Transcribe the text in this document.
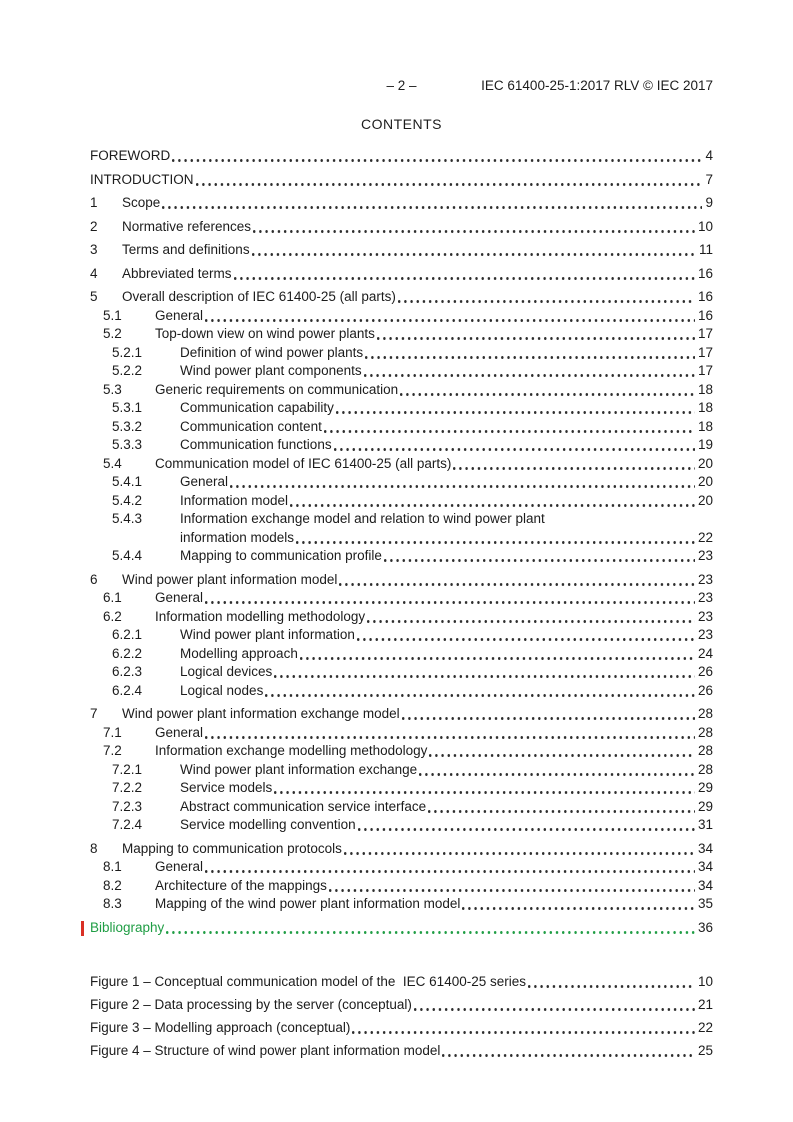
– 2 –	IEC 61400-25-1:2017 RLV © IEC 2017
CONTENTS
FOREWORD	4
INTRODUCTION	7
1	Scope	9
2	Normative references	10
3	Terms and definitions	11
4	Abbreviated terms	16
5	Overall description of IEC 61400-25 (all parts)	16
5.1	General	16
5.2	Top-down view on wind power plants	17
5.2.1	Definition of wind power plants	17
5.2.2	Wind power plant components	17
5.3	Generic requirements on communication	18
5.3.1	Communication capability	18
5.3.2	Communication content	18
5.3.3	Communication functions	19
5.4	Communication model of IEC 61400-25 (all parts)	20
5.4.1	General	20
5.4.2	Information model	20
5.4.3	Information exchange model and relation to wind power plant
information models	22
5.4.4	Mapping to communication profile	23
6	Wind power plant information model	23
6.1	General	23
6.2	Information modelling methodology	23
6.2.1	Wind power plant information	23
6.2.2	Modelling approach	24
6.2.3	Logical devices	26
6.2.4	Logical nodes	26
7	Wind power plant information exchange model	28
7.1	General	28
7.2	Information exchange modelling methodology	28
7.2.1	Wind power plant information exchange	28
7.2.2	Service models	29
7.2.3	Abstract communication service interface	29
7.2.4	Service modelling convention	31
8	Mapping to communication protocols	34
8.1	General	34
8.2	Architecture of the mappings	34
8.3	Mapping of the wind power plant information model	35
Bibliography	36
Figure 1 – Conceptual communication model of the  IEC 61400-25 series	10
Figure 2 – Data processing by the server (conceptual)	21
Figure 3 – Modelling approach (conceptual)	22
Figure 4 – Structure of wind power plant information model	25
